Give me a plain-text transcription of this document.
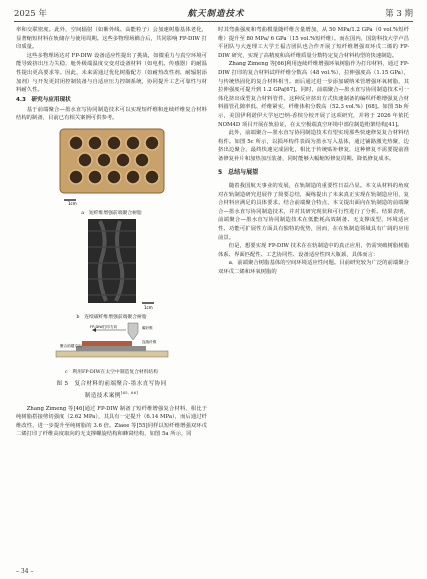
2025 年	航天制造技术	第 3 期

率和交联密度。此外，空间辐射（如紫外线、高能粒子）会加速树脂基体老化，显著缩短材料在轨储存与使用周期。这些多物理场耦合后，共同影响 FP-DIW 打印质量。

这些多物理场达对 FP-DIW 设备适应性提出了挑战，如微重力与真空环境可能导致挤出压力失稳，舱外极端温度交变对设备材料（如电机、传感器）的耐温性提出更高要求等。因此，未来需通过优化树脂配方（如耐热改性剂、耐辐射添加剂）与开发更封闭控制装备与自适应压力控制系统，协同提升工艺可靠性与材料耐久性。

4.3　研究与应用现状

基于前端聚合—墨水直写协同制造技术可以实现短纤维和连续纤维复合材料结构的制备，目前已有相关案例可供参考。

1cm
a　短纤维增强前端聚合树脂
1cm
b　连续碳纤维增强前端聚合树脂
FP-DIW打印方向	碳纤维
聚合前端方向
连续纤维
c　利用FP-DIW在太空中制造复合材料结构
图 5　复合材料的前端聚合-墨水直写协同
制造技术案例[65, 66]

Zhang Zimeng 等[46]通过 FP-DIW 制备了短纤维增强复合材料，相比于纯树脂搭接剪切强度（2.62 MPa），其具有一定提升（6.14 MPa），而后通过纤维改性，进一步提升至纯树脂的 3.6 倍。Ziaee 等[55]同样以短纤维增强双环戊二烯打印了纤维高度取向的无支撑螺旋结构和蜂窝结构，如图 5a 所示，同

时其弯曲强度和弯曲模量随纤维含量增加，从 50 MPa/1.2 GPa（0 vol.%短纤维）提升至 80 MPa/ 6 GPa（15 vol.%短纤维）。而在国内，国防科技大学卢昌平团队与大连理工大学王福吉团队也合作开展了短纤维增强双环戊二烯的 FP-DIW 研究，实现了高精度和高纤维质量分数特定复合材料构型的快速制造。

Zhang Zimeng 等[66]利用连续纤维增强环氧树脂作为打印材料，通过 FP-DIW 打印的复合材料试样纤维分数高（48 vol.%），拉伸强度高（1.15 GPa），与传统热固化的复合材料相当。而后通过进一步添加碳纳米管增强环氧树脂，其拉伸强度可提升到 1.2 GPa[67]。同时，前端聚合—墨水直写协同制造技术可一体化挤出成型复合材料管件。这种反应挤出方式快速制备的编织纤维增强复合材料圆管孔隙率低、纤维紧实，纤维体积分数高（52.3 vol.%）[68]。如图 5b 所示，美国伊利诺伊大学厄巴纳-香槟分校开展了这项研究，并将于 2026 年依托 NOM4D 项目开展在轨验证，在太空极端真空环境中部位制造桁架结构[41]。

此外，前端聚合—墨水直写协同制造技术有望实现那些快速修复复合材料结构件。如图 5c 所示，以损坏构件表面为墨水写入基体，通过铺路激光热聚，边挤出边聚合，最终快速完成固化，相比于传统贴补修复，这种修复不需要提前准备修复补片和加热加压装备，同时能够大幅缩短修复周期、降低修复成本。

5　总结与展望

随着我国航天事业的发展，在轨制造的重要性日益凸显。本文从材料的角度对在轨制造研究进展作了简要总结，凝练提出了未来真正实现在轨制造应用，复合材料应满足的具体要求。结合前端聚合特点，本文提出面向在轨制造的前端聚合—墨水直写协同制造技术，并对其研究现状和可行性进行了分析。结果表明，前端聚合—墨水直写协同制造技术在低能耗高效制备、无支撑成型、环境适应性、功能可扩展性方面具有独特的优势，因而，在在轨制造领域具有广阔的应用前景。

但是，想要实现 FP-DIW 技术在在轨制造中的真正应用，仍需突破树脂树脂体系、界面匹配性、工艺协同性、设备适应性四大瓶颈，具体而言：

a．前端聚合树脂基体的空间环境适应性问题。目前研究较为广泛的前端聚合双环戊二烯和环氧树脂的

– 34 –
